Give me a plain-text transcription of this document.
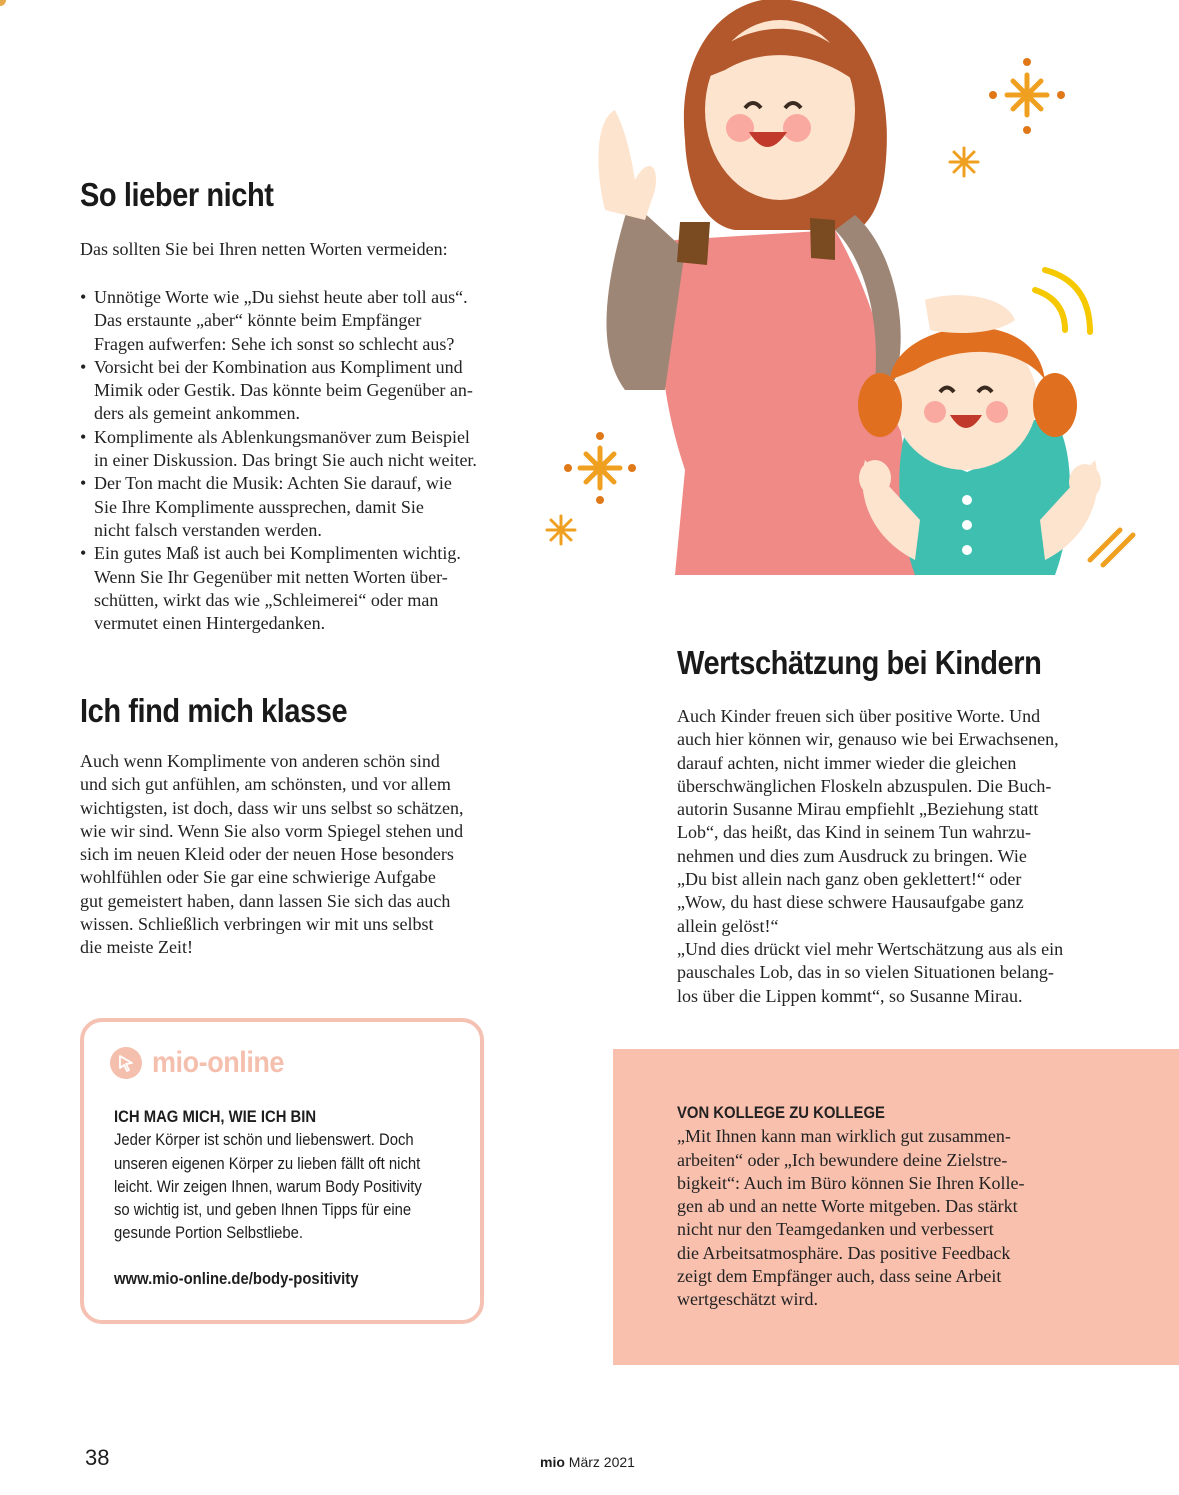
So lieber nicht

Das sollten Sie bei Ihren netten Worten vermeiden:

• Unnötige Worte wie „Du siehst heute aber toll aus“.
Das erstaunte „aber“ könnte beim Empfänger
Fragen aufwerfen: Sehe ich sonst so schlecht aus?
• Vorsicht bei der Kombination aus Kompliment und
Mimik oder Gestik. Das könnte beim Gegenüber an-
ders als gemeint ankommen.
• Komplimente als Ablenkungsmanöver zum Beispiel
in einer Diskussion. Das bringt Sie auch nicht weiter.
• Der Ton macht die Musik: Achten Sie darauf, wie
Sie Ihre Komplimente aussprechen, damit Sie
nicht falsch verstanden werden.
• Ein gutes Maß ist auch bei Komplimenten wichtig.
Wenn Sie Ihr Gegenüber mit netten Worten über-
schütten, wirkt das wie „Schleimerei“ oder man
vermutet einen Hintergedanken.
Ich find mich klasse

Auch wenn Komplimente von anderen schön sind

und sich gut anfühlen, am schönsten, und vor allem

wichtigsten, ist doch, dass wir uns selbst so schätzen,

wie wir sind. Wenn Sie also vorm Spiegel stehen und

sich im neuen Kleid oder der neuen Hose besonders

wohlfühlen oder Sie gar eine schwierige Aufgabe

gut gemeistert haben, dann lassen Sie sich das auch

wissen. Schließlich verbringen wir mit uns selbst

die meiste Zeit!

Wertschätzung bei Kindern

Auch Kinder freuen sich über positive Worte. Und

auch hier können wir, genauso wie bei Erwachsenen,

darauf achten, nicht immer wieder die gleichen

überschwänglichen Floskeln abzuspulen. Die Buch-

autorin Susanne Mirau empfiehlt „Beziehung statt

Lob“, das heißt, das Kind in seinem Tun wahrzu-

nehmen und dies zum Ausdruck zu bringen. Wie

„Du bist allein nach ganz oben geklettert!“ oder

„Wow, du hast diese schwere Hausaufgabe ganz

allein gelöst!“

„Und dies drückt viel mehr Wertschätzung aus als ein

pauschales Lob, das in so vielen Situationen belang-

los über die Lippen kommt“, so Susanne Mirau.

mio-online
ICH MAG MICH, WIE ICH BIN
Jeder Körper ist schön und liebenswert. Doch
unseren eigenen Körper zu lieben fällt oft nicht
leicht. Wir zeigen Ihnen, warum Body Positivity
so wichtig ist, und geben Ihnen Tipps für eine
gesunde Portion Selbstliebe.
www.mio-online.de/body-positivity
VON KOLLEGE ZU KOLLEGE
„Mit Ihnen kann man wirklich gut zusammen-
arbeiten“ oder „Ich bewundere deine Zielstre-
bigkeit“: Auch im Büro können Sie Ihren Kolle-
gen ab und an nette Worte mitgeben. Das stärkt
nicht nur den Teamgedanken und verbessert
die Arbeitsatmosphäre. Das positive Feedback
zeigt dem Empfänger auch, dass seine Arbeit
wertgeschätzt wird.
38	mio März 2021
